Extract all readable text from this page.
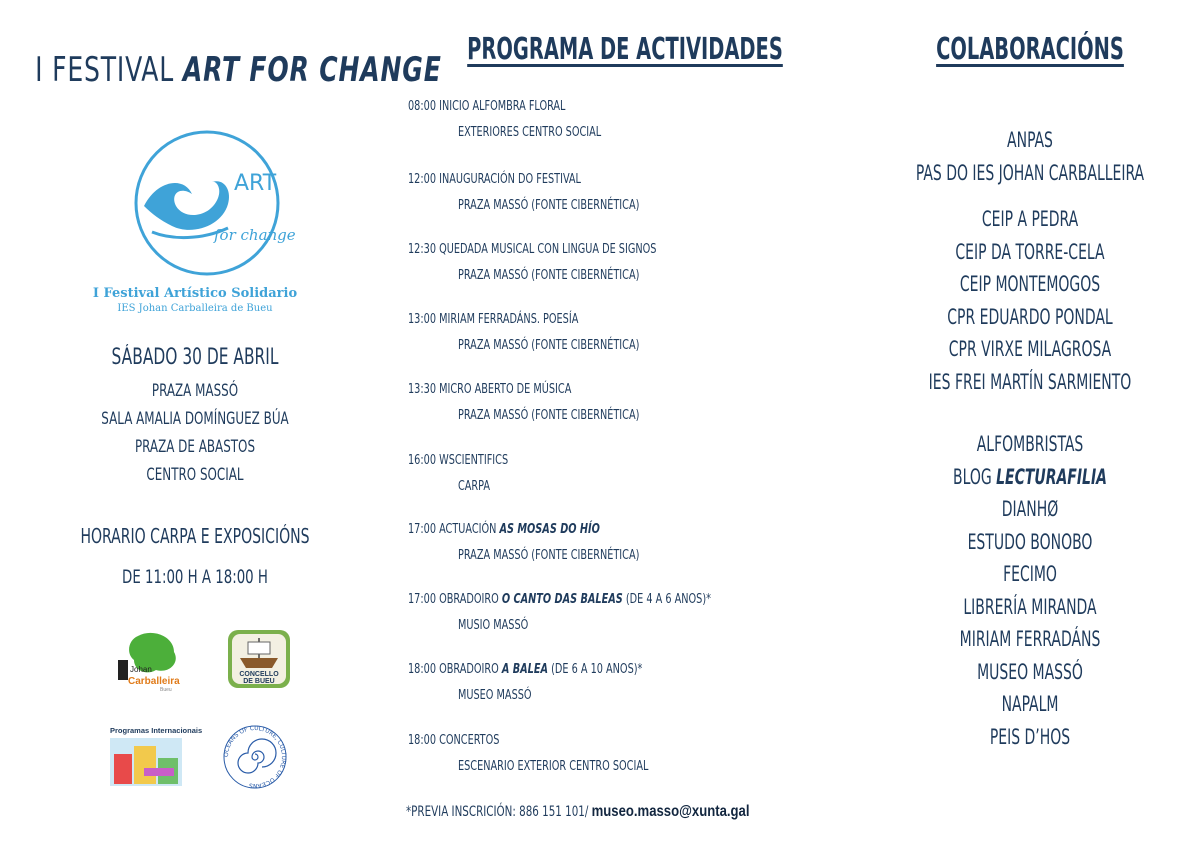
I FESTIVAL ART FOR CHANGE
ART
for change
I Festival Artístico Solidario
IES Johan Carballeira de Bueu
SÁBADO 30 DE ABRIL
PRAZA MASSÓ
SALA AMALIA DOMÍNGUEZ BÚA
PRAZA DE ABASTOS
CENTRO SOCIAL
HORARIO CARPA E EXPOSICIÓNS
DE 11:00 H A 18:00 H
Johan
Carballeira
Bueu
CONCELLO
DE BUEU
Programas Internacionais
OCEANS OF CULTURE, CULTURE OF OCEANS
PROGRAMA DE ACTIVIDADES
08:00 INICIO ALFOMBRA FLORAL
EXTERIORES CENTRO SOCIAL
12:00 INAUGURACIÓN DO FESTIVAL
PRAZA MASSÓ (FONTE CIBERNÉTICA)
12:30 QUEDADA MUSICAL CON LINGUA DE SIGNOS
PRAZA MASSÓ (FONTE CIBERNÉTICA)
13:00 MIRIAM FERRADÁNS. POESÍA
PRAZA MASSÓ (FONTE CIBERNÉTICA)
13:30 MICRO ABERTO DE MÚSICA
PRAZA MASSÓ (FONTE CIBERNÉTICA)
16:00 WSCIENTIFICS
CARPA
17:00 ACTUACIÓN AS MOSAS DO HÍO
PRAZA MASSÓ (FONTE CIBERNÉTICA)
17:00 OBRADOIRO O CANTO DAS BALEAS (DE 4 A 6 ANOS)*
MUSIO MASSÓ
18:00 OBRADOIRO A BALEA (DE 6 A 10 ANOS)*
MUSEO MASSÓ
18:00 CONCERTOS
ESCENARIO EXTERIOR CENTRO SOCIAL
*PREVIA INSCRICIÓN: 886 151 101/ museo.masso@xunta.gal
COLABORACIÓNS
ANPAS
PAS DO IES JOHAN CARBALLEIRA
CEIP A PEDRA
CEIP DA TORRE-CELA
CEIP MONTEMOGOS
CPR EDUARDO PONDAL
CPR VIRXE MILAGROSA
IES FREI MARTÍN SARMIENTO
ALFOMBRISTAS
BLOG LECTURAFILIA
DIANHØ
ESTUDO BONOBO
FECIMO
LIBRERÍA MIRANDA
MIRIAM FERRADÁNS
MUSEO MASSÓ
NAPALM
PEIS D’HOS
